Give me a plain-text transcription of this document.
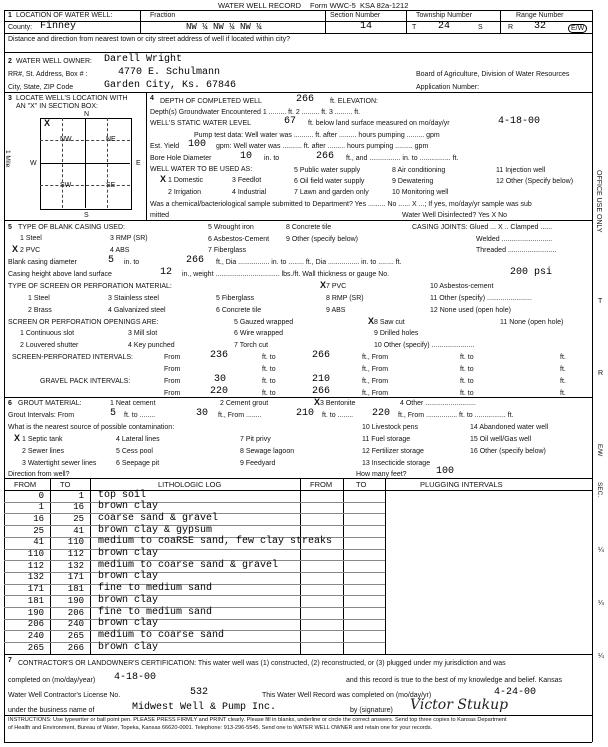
WATER WELL RECORD Form WWC-5 KSA 82a-1212
1 LOCATION OF WATER WELL:	Fraction	Section Number	Township Number	Range Number
County: Finney	NW ¼ NW ¼ NW ¼	14	T 24	S	R 32	E/W
Distance and direction from nearest town or city street address of well if located within city?
2 WATER WELL OWNER: Darell Wright
RR#, St. Address, Box # :	4770 E. Schulmann
City, State, ZIP Code	Garden City, Ks. 67846
Board of Agriculture, Division of Water Resources
Application Number:
3 LOCATE WELL'S LOCATION WITH
AN "X" IN SECTION BOX:
N
S
W	E
1 Mile
X
NW	NE
SW	SE
4 DEPTH OF COMPLETED WELL	266 ft. ELEVATION:
Depth(s) Groundwater Encountered 1 ......... ft. 2 ......... ft. 3 ......... ft.
WELL'S STATIC WATER LEVEL	67 ft. below land surface measured on mo/day/yr	4-18-00
Pump test data: Well water was .......... ft. after ......... hours pumping ......... gpm
Est. Yield 100 gpm: Well water was .......... ft. after ......... hours pumping ......... gpm
Bore Hole Diameter	10 in. to	266 ft., and ................ in. to ................ ft.
WELL WATER TO BE USED AS:
1 Domestic
X	3 Feedlot
5 Public water supply	8 Air conditioning	11 Injection well
6 Oil field water supply	9 Dewatering	12 Other (Specify below)
2 Irrigation	4 Industrial	7 Lawn and garden only	10 Monitoring well
Was a chemical/bacteriological sample submitted to Department? Yes ......... No ...... X ...; If yes, mo/day/yr sample was sub
mitted	Water Well Disinfected? Yes X No
5 TYPE OF BLANK CASING USED:
1 Steel	3 RMP (SR)
5 Wrought iron	8 Concrete tile	CASING JOINTS: Glued ... X .. Clamped ......
X 2 PVC	4 ABS
6 Asbestos-Cement 9 Other (specify below)	Welded ..........................
7 Fiberglass	Threaded .........................
Blank casing diameter	5 in. to	266 ft., Dia ................ in. to ........ ft., Dia ................ in. to ........ ft.
Casing height above land surface	12 in., weight ................................. lbs./ft. Wall thickness or gauge No.	200 psi
TYPE OF SCREEN OR PERFORATION MATERIAL:	X 7 PVC	10 Asbestos-cement
1 Steel	3 Stainless steel	5 Fiberglass	8 RMP (SR)	11 Other (specify) .......................
2 Brass	4 Galvanized steel	6 Concrete tile	9 ABS	12 None used (open hole)
SCREEN OR PERFORATION OPENINGS ARE:	5 Gauzed wrapped	X 8 Saw cut	11 None (open hole)
1 Continuous slot	3 Mill slot	6 Wire wrapped	9 Drilled holes
2 Louvered shutter	4 Key punched	7 Torch cut	10 Other (specify) ......................
SCREEN-PERFORATED INTERVALS:	From	236	ft. to	266	ft., From	ft. to	ft.
From	ft. to	ft., From	ft. to	ft.
GRAVEL PACK INTERVALS:	From	30	ft. to	210	ft., From	ft. to	ft.
From	220	ft. to	266	ft., From	ft. to	ft.
6 GROUT MATERIAL:	1 Neat cement	2 Cement grout	X 3 Bentonite	4 Other ..........................
Grout Intervals: From	5 ft. to ........	30 ft., From ........	210 ft. to ........ 220 ft., From ................ ft. to ................ ft.
What is the nearest source of possible contamination:
X 1 Septic tank	4 Lateral lines	7 Pit privy
10 Livestock pens	14 Abandoned water well
2 Sewer lines	5 Cess pool	8 Sewage lagoon
11 Fuel storage	15 Oil well/Gas well
3 Watertight sewer lines	6 Seepage pit	9 Feedyard
12 Fertilizer storage	16 Other (specify below)
13 Insecticide storage
Direction from well?	How many feet?	100
FROM	TO	LITHOLOGIC LOG	FROM	TO	PLUGGING INTERVALS
0	1 top soil
1	16 brown clay
16	25 coarse sand & gravel
25	41 brown clay & gypsum
41	110 medium to coaRSE sand, few clay streaks
110	112 brown clay
112	132 medium to coarse sand & gravel
132	171 brown clay
171	181 fine to medium sand
181	190 brown clay
190	206 fine to medium sand
206	240 brown clay
240	265 medium to coarse sand
265	266 brown clay
7 CONTRACTOR'S OR LANDOWNER'S CERTIFICATION: This water well was (1) constructed, (2) reconstructed, or (3) plugged under my jurisdiction and was
completed on (mo/day/year) 4-18-00	and this record is true to the best of my knowledge and belief. Kansas
Water Well Contractor's License No.	532	This Water Well Record was completed on (mo/day/yr)	4-24-00
under the business name of	Midwest Well & Pump Inc.	by (signature) Victor Stukup
INSTRUCTIONS: Use typewriter or ball point pen. PLEASE PRESS FIRMLY and PRINT clearly. Please fill in blanks, underline or circle the correct answers. Send top three copies to Kansas Department
of Health and Environment, Bureau of Water, Topeka, Kansas 66620-0001. Telephone: 913-296-5545. Send one to WATER WELL OWNER and retain one for your records.
OFFICE USE ONLY
T
R
E/W
SEC.
¼
¼
¼
